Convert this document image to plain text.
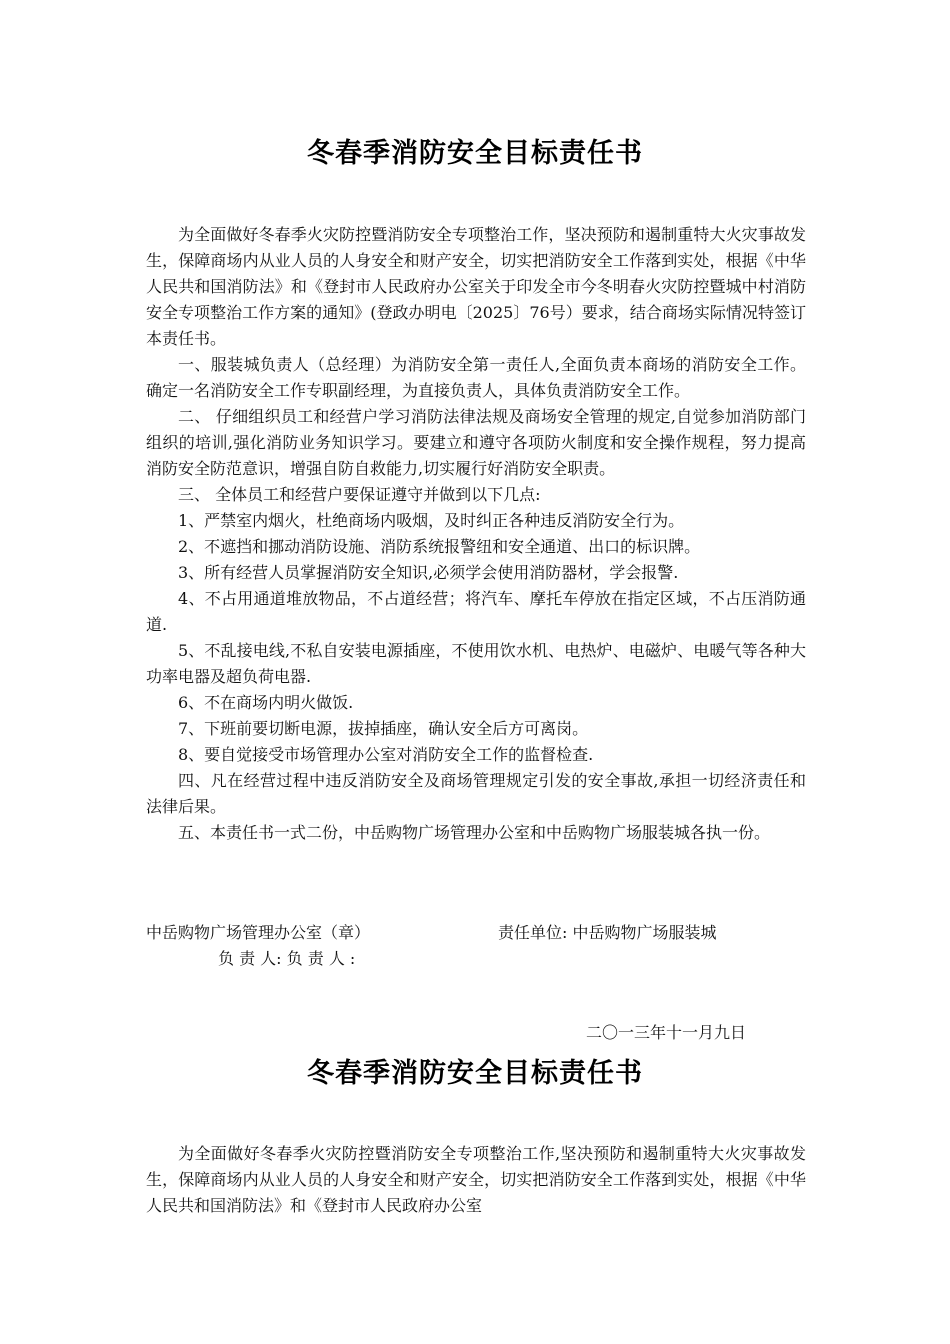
冬春季消防安全目标责任书

为全面做好冬春季火灾防控暨消防安全专项整治工作，坚决预防和遏制重特大火灾事故发生，保障商场内从业人员的人身安全和财产安全，切实把消防安全工作落到实处，根据《中华人民共和国消防法》和《登封市人民政府办公室关于印发全市今冬明春火灾防控暨城中村消防安全专项整治工作方案的通知》(登政办明电〔2025〕76号）要求，结合商场实际情况特签订本责任书。

一、服装城负责人（总经理）为消防安全第一责任人,全面负责本商场的消防安全工作。确定一名消防安全工作专职副经理，为直接负责人，具体负责消防安全工作。

二、 仔细组织员工和经营户学习消防法律法规及商场安全管理的规定,自觉参加消防部门组织的培训,强化消防业务知识学习。要建立和遵守各项防火制度和安全操作规程，努力提高消防安全防范意识，增强自防自救能力,切实履行好消防安全职责。

三、 全体员工和经营户要保证遵守并做到以下几点:

1、严禁室内烟火，杜绝商场内吸烟，及时纠正各种违反消防安全行为。

2、不遮挡和挪动消防设施、消防系统报警纽和安全通道、出口的标识牌。

3、所有经营人员掌握消防安全知识,必须学会使用消防器材，学会报警.

4、不占用通道堆放物品，不占道经营；将汽车、摩托车停放在指定区域，不占压消防通道.

5、不乱接电线,不私自安装电源插座，不使用饮水机、电热炉、电磁炉、电暖气等各种大功率电器及超负荷电器.

6、不在商场内明火做饭.

7、下班前要切断电源，拔掉插座，确认安全后方可离岗。

8、要自觉接受市场管理办公室对消防安全工作的监督检查.

四、凡在经营过程中违反消防安全及商场管理规定引发的安全事故,承担一切经济责任和法律后果。

五、本责任书一式二份，中岳购物广场管理办公室和中岳购物广场服装城各执一份。

中岳购物广场管理办公室（章）	责任单位: 中岳购物广场服装城
负 责 人: 负 责 人 :
二〇一三年十一月九日
冬春季消防安全目标责任书

为全面做好冬春季火灾防控暨消防安全专项整治工作,坚决预防和遏制重特大火灾事故发生，保障商场内从业人员的人身安全和财产安全，切实把消防安全工作落到实处，根据《中华人民共和国消防法》和《登封市人民政府办公室
